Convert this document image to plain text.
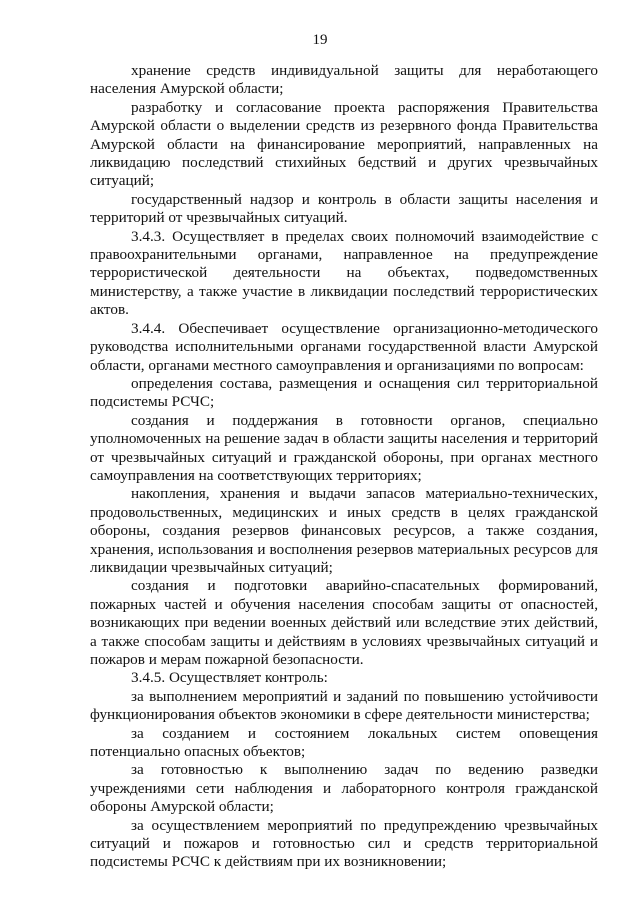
19

хранение средств индивидуальной защиты для неработающего населения Амурской области;

разработку и согласование проекта распоряжения Правительства Амурской области о выделении средств из резервного фонда Правительства Амурской области на финансирование мероприятий, направленных на ликвидацию последствий стихийных бедствий и других чрезвычайных ситуаций;

государственный надзор и контроль в области защиты населения и территорий от чрезвычайных ситуаций.

3.4.3. Осуществляет в пределах своих полномочий взаимодействие с правоохранительными органами, направленное на предупреждение террористической деятельности на объектах, подведомственных министерству, а также участие в ликвидации последствий террористических актов.

3.4.4. Обеспечивает осуществление организационно-методического руководства исполнительными органами государственной власти Амурской области, органами местного самоуправления и организациями по вопросам:

определения состава, размещения и оснащения сил территориальной подсистемы РСЧС;

создания и поддержания в готовности органов, специально уполномоченных на решение задач в области защиты населения и территорий от чрезвычайных ситуаций и гражданской обороны, при органах местного самоуправления на соответствующих территориях;

накопления, хранения и выдачи запасов материально-технических, продовольственных, медицинских и иных средств в целях гражданской обороны, создания резервов финансовых ресурсов, а также создания, хранения, использования и восполнения резервов материальных ресурсов для ликвидации чрезвычайных ситуаций;

создания и подготовки аварийно-спасательных формирований, пожарных частей и обучения населения способам защиты от опасностей, возникающих при ведении военных действий или вследствие этих действий, а также способам защиты и действиям в условиях чрезвычайных ситуаций и пожаров и мерам пожарной безопасности.

3.4.5. Осуществляет контроль:

за выполнением мероприятий и заданий по повышению устойчивости функционирования объектов экономики в сфере деятельности министерства;

за созданием и состоянием локальных систем оповещения потенциально опасных объектов;

за готовностью к выполнению задач по ведению разведки учреждениями сети наблюдения и лабораторного контроля гражданской обороны Амурской области;

за осуществлением мероприятий по предупреждению чрезвычайных ситуаций и пожаров и готовностью сил и средств территориальной подсистемы РСЧС к действиям при их возникновении;
